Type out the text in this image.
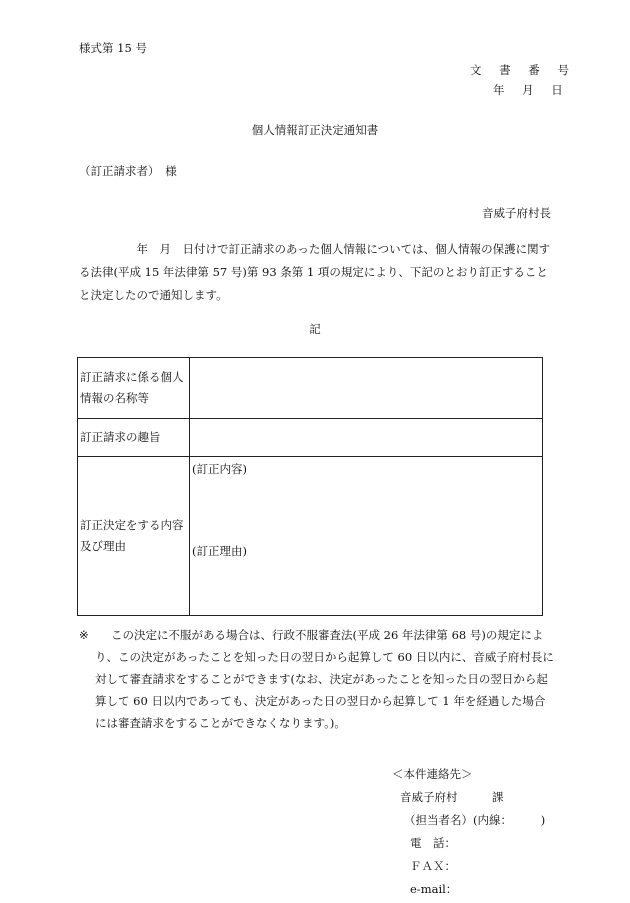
様式第 15 号
文 書 番 号
年 月 日
個人情報訂正決定通知書
（訂正請求者）　様
音威子府村長

　　　　　年　月　日付けで訂正請求のあった個人情報については、個人情報の保護に関する法律(平成 15 年法律第 57 号)第 93 条第 1 項の規定により、下記のとおり訂正することと決定したので通知します。

記
訂正請求に係る個人情報の名称等	
訂正請求の趣旨	
訂正決定をする内容及び理由	(訂正内容)
(訂正理由)
※	この決定に不服がある場合は、行政不服審査法(平成 26 年法律第 68 号)の規定により、この決定があったことを知った日の翌日から起算して 60 日以内に、音威子府村長に対して審査請求をすることができます(なお、決定があったことを知った日の翌日から起算して 60 日以内であっても、決定があった日の翌日から起算して 1 年を経過した場合には審査請求をすることができなくなります。)。
＜本件連絡先＞
音威子府村　　　課
（担当者名）(内線：　　　)
電　話：
ＦＡＸ：
e-mail：
